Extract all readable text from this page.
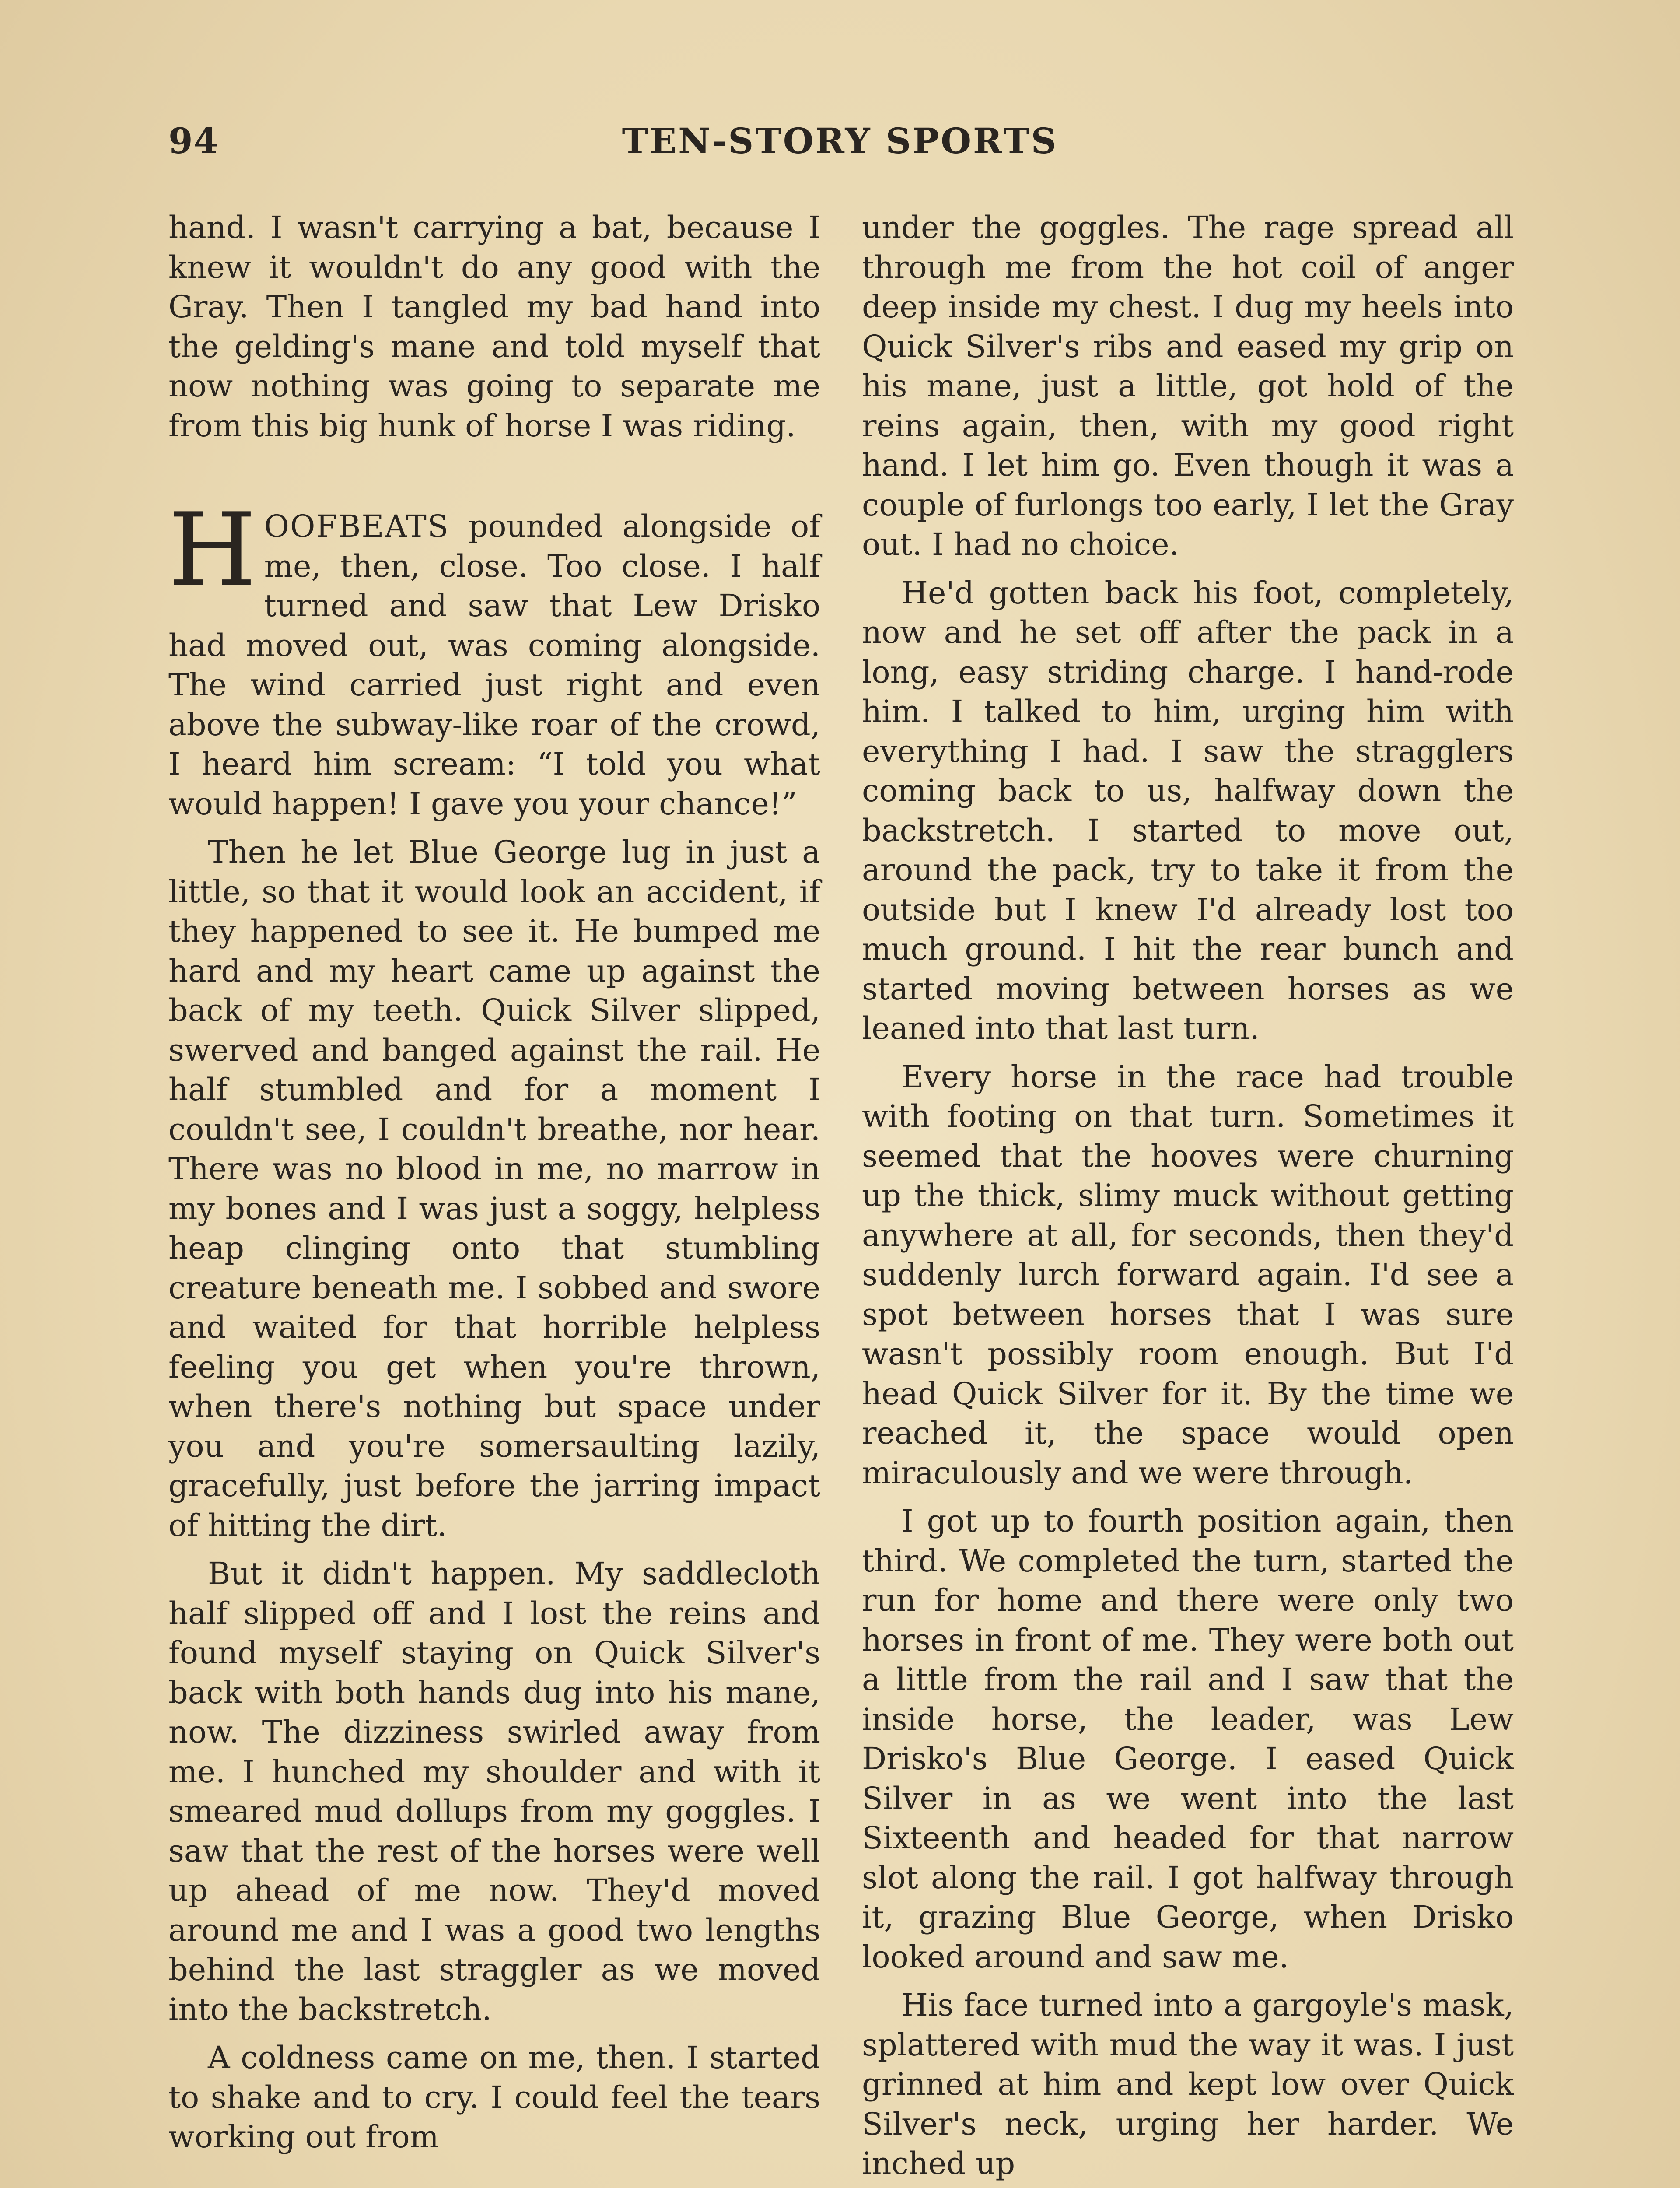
94	TEN-STORY SPORTS

hand. I wasn't carrying a bat, because I knew it wouldn't do any good with the Gray. Then I tangled my bad hand into the gelding's mane and told myself that now nothing was going to separate me from this big hunk of horse I was riding.

HOOFBEATS pounded alongside of me, then, close. Too close. I half turned and saw that Lew Drisko had moved out, was coming alongside. The wind carried just right and even above the subway-like roar of the crowd, I heard him scream: “I told you what would happen! I gave you your chance!”

Then he let Blue George lug in just a little, so that it would look an accident, if they happened to see it. He bumped me hard and my heart came up against the back of my teeth. Quick Silver slipped, swerved and banged against the rail. He half stumbled and for a moment I couldn't see, I couldn't breathe, nor hear. There was no blood in me, no marrow in my bones and I was just a soggy, helpless heap clinging onto that stumbling creature beneath me. I sobbed and swore and waited for that horrible helpless feeling you get when you're thrown, when there's nothing but space under you and you're somersaulting lazily, gracefully, just before the jarring impact of hitting the dirt.

But it didn't happen. My saddlecloth half slipped off and I lost the reins and found myself staying on Quick Silver's back with both hands dug into his mane, now. The dizziness swirled away from me. I hunched my shoulder and with it smeared mud dollups from my goggles. I saw that the rest of the horses were well up ahead of me now. They'd moved around me and I was a good two lengths behind the last straggler as we moved into the backstretch.

A coldness came on me, then. I started to shake and to cry. I could feel the tears working out from

under the goggles. The rage spread all through me from the hot coil of anger deep inside my chest. I dug my heels into Quick Silver's ribs and eased my grip on his mane, just a little, got hold of the reins again, then, with my good right hand. I let him go. Even though it was a couple of furlongs too early, I let the Gray out. I had no choice.

He'd gotten back his foot, completely, now and he set off after the pack in a long, easy striding charge. I hand-rode him. I talked to him, urging him with everything I had. I saw the stragglers coming back to us, halfway down the backstretch. I started to move out, around the pack, try to take it from the outside but I knew I'd already lost too much ground. I hit the rear bunch and started moving between horses as we leaned into that last turn.

Every horse in the race had trouble with footing on that turn. Sometimes it seemed that the hooves were churning up the thick, slimy muck without getting anywhere at all, for seconds, then they'd suddenly lurch forward again. I'd see a spot between horses that I was sure wasn't possibly room enough. But I'd head Quick Silver for it. By the time we reached it, the space would open miraculously and we were through.

I got up to fourth position again, then third. We completed the turn, started the run for home and there were only two horses in front of me. They were both out a little from the rail and I saw that the inside horse, the leader, was Lew Drisko's Blue George. I eased Quick Silver in as we went into the last Sixteenth and headed for that narrow slot along the rail. I got halfway through it, grazing Blue George, when Drisko looked around and saw me.

His face turned into a gargoyle's mask, splattered with mud the way it was. I just grinned at him and kept low over Quick Silver's neck, urging her harder. We inched up
